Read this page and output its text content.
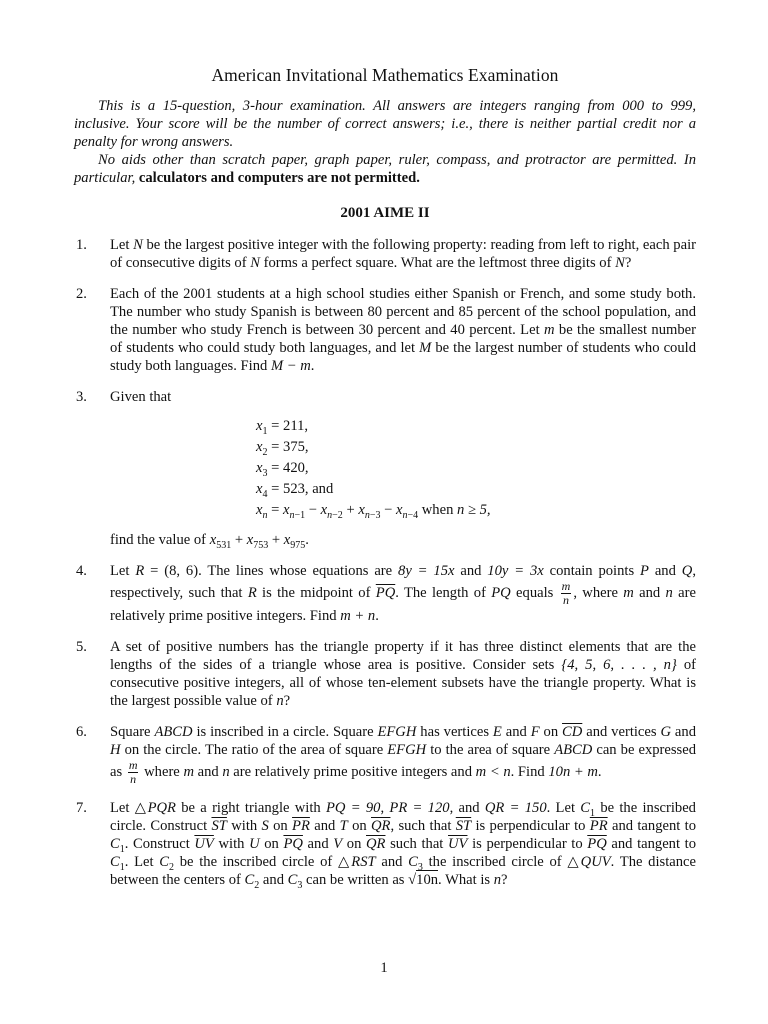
American Invitational Mathematics Examination

This is a 15-question, 3-hour examination. All answers are integers ranging from 000 to 999, inclusive. Your score will be the number of correct answers; i.e., there is neither partial credit nor a penalty for wrong answers.

No aids other than scratch paper, graph paper, ruler, compass, and protractor are permitted. In particular, calculators and computers are not permitted.

2001 AIME II
1. Let N be the largest positive integer with the following property: reading from left to right, each pair of consecutive digits of N forms a perfect square. What are the leftmost three digits of N?
2. Each of the 2001 students at a high school studies either Spanish or French, and some study both. The number who study Spanish is between 80 percent and 85 percent of the school population, and the number who study French is between 30 percent and 40 percent. Let m be the smallest number of students who could study both languages, and let M be the largest number of students who could study both languages. Find M − m.
3. Given that
$x_1 = 211$,
$x_2 = 375$,
$x_3 = 420$,
$x_4 = 523$, and
$x_n = x_{n-1} - x_{n-2} + x_{n-3} - x_{n-4}$ when n ≥ 5,
find the value of $x_{531} + x_{753} + x_{975}$.
4. Let R = (8, 6). The lines whose equations are 8y = 15x and 10y = 3x contain points P and Q, respectively, such that R is the midpoint of $\overline{PQ}$. The length of PQ equals $\frac{m}{n}$ , where m and n are relatively prime positive integers. Find m + n.
5. A set of positive numbers has the triangle property if it has three distinct elements that are the lengths of the sides of a triangle whose area is positive. Consider sets {4, 5, 6, . . . , n} of consecutive positive integers, all of whose ten-element subsets have the triangle property. What is the largest possible value of n?
6. Square ABCD is inscribed in a circle. Square EFGH has vertices E and F on $\overline{CD}$ and vertices G and H on the circle. The ratio of the area of square EFGH to the area of square ABCD can be expressed as $\frac{m}{n}$ where m and n are relatively prime positive integers and m < n. Find 10n + m.
7. Let △PQR be a right triangle with PQ = 90, PR = 120, and QR = 150. Let $C_1$ be the inscribed circle. Construct $\overline{ST}$ with S on $\overline{PR}$ and T on $\overline{QR}$, such that $\overline{ST}$ is perpendicular to $\overline{PR}$ and tangent to $C_1$. Construct $\overline{UV}$ with U on $\overline{PQ}$ and V on $\overline{QR}$ such that $\overline{UV}$ is perpendicular to $\overline{PQ}$ and tangent to $C_1$. Let $C_2$ be the inscribed circle of △RST and $C_3$ the inscribed circle of △QUV. The distance between the centers of $C_2$ and $C_3$ can be written as √10n. What is n?
1
